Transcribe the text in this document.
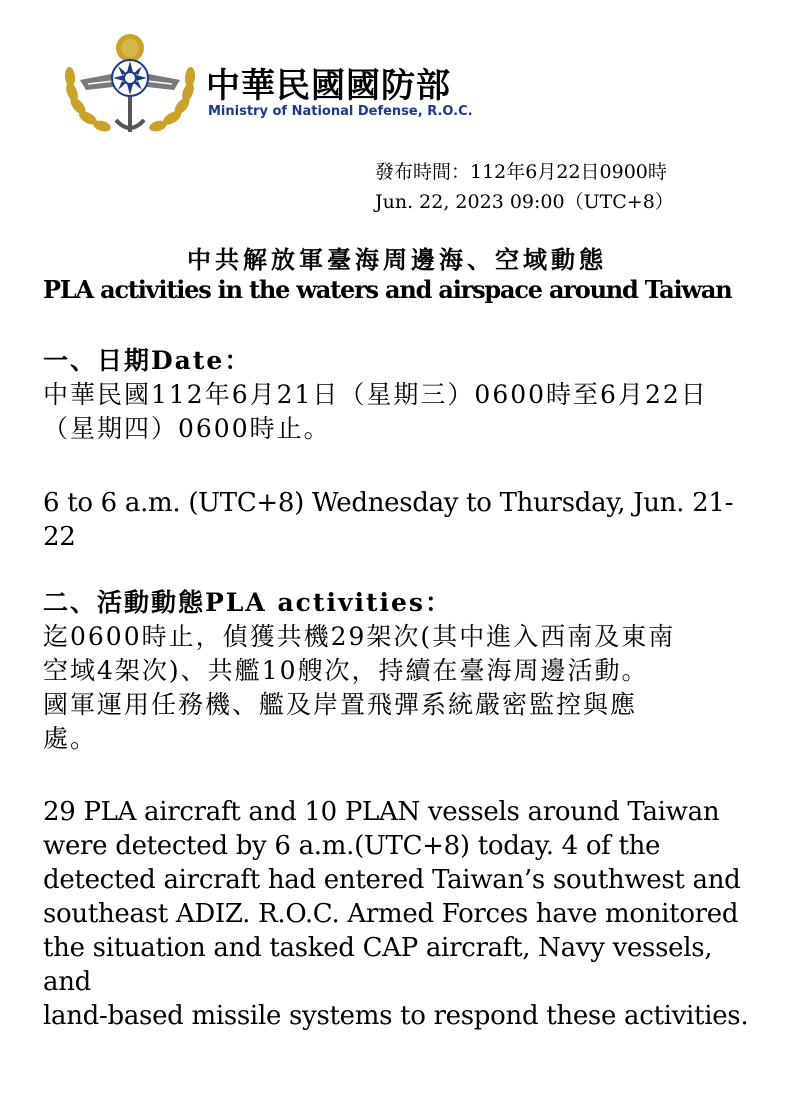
中華民國國防部
Ministry of National Defense, R.O.C.
發布時間：112年6月22日0900時
Jun. 22, 2023 09:00（UTC+8）
中共解放軍臺海周邊海、空域動態
PLA activities in the waters and airspace around Taiwan
一、日期Date：
中華民國112年6月21日（星期三）0600時至6月22日
（星期四）0600時止。
6 to 6 a.m. (UTC+8) Wednesday to Thursday, Jun. 21-
22
二、活動動態PLA activities：
迄0600時止，偵獲共機29架次(其中進入西南及東南
空域4架次)、共艦10艘次，持續在臺海周邊活動。
國軍運用任務機、艦及岸置飛彈系統嚴密監控與應
處。
29 PLA aircraft and 10 PLAN vessels around Taiwan
were detected by 6 a.m.(UTC+8) today. 4 of the
detected aircraft had entered Taiwan’s southwest and
southeast ADIZ. R.O.C. Armed Forces have monitored
the situation and tasked CAP aircraft, Navy vessels, and
land-based missile systems to respond these activities.
